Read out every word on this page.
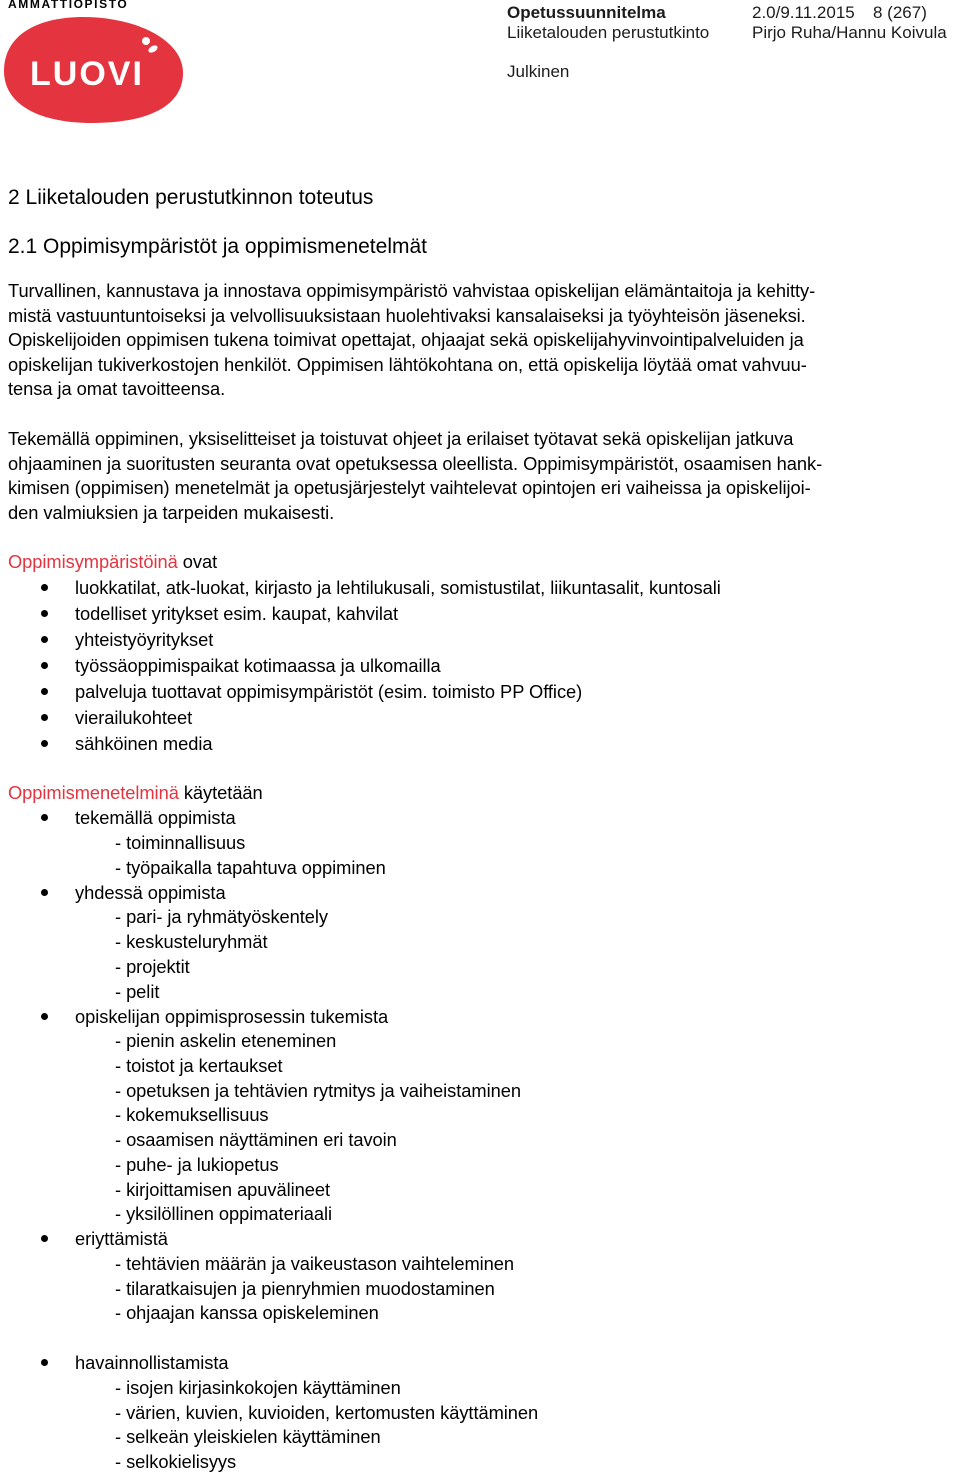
AMMATTIOPISTO
LUOVI
Opetussuunnitelma	2.0/9.11.2015 8 (267)
Liiketalouden perustutkinto	Pirjo Ruha/Hannu Koivula
Julkinen
2 Liiketalouden perustutkinnon toteutus
2.1 Oppimisympäristöt ja oppimismenetelmät
Turvallinen, kannustava ja innostava oppimisympäristö vahvistaa opiskelijan elämäntaitoja ja kehitty-
mistä vastuuntuntoiseksi ja velvollisuuksistaan huolehtivaksi kansalaiseksi ja työyhteisön jäseneksi.
Opiskelijoiden oppimisen tukena toimivat opettajat, ohjaajat sekä opiskelijahyvinvointipalveluiden ja
opiskelijan tukiverkostojen henkilöt. Oppimisen lähtökohtana on, että opiskelija löytää omat vahvuu-
tensa ja omat tavoitteensa.
Tekemällä oppiminen, yksiselitteiset ja toistuvat ohjeet ja erilaiset työtavat sekä opiskelijan jatkuva
ohjaaminen ja suoritusten seuranta ovat opetuksessa oleellista. Oppimisympäristöt, osaamisen hank-
kimisen (oppimisen) menetelmät ja opetusjärjestelyt vaihtelevat opintojen eri vaiheissa ja opiskelijoi-
den valmiuksien ja tarpeiden mukaisesti.
Oppimisympäristöinä ovat
luokkatilat, atk-luokat, kirjasto ja lehtilukusali, somistustilat, liikuntasalit, kuntosali
todelliset yritykset esim. kaupat, kahvilat
yhteistyöyritykset
työssäoppimispaikat kotimaassa ja ulkomailla
palveluja tuottavat oppimisympäristöt (esim. toimisto PP Office)
vierailukohteet
sähköinen media
Oppimismenetelminä käytetään
tekemällä oppimista
- toiminnallisuus
- työpaikalla tapahtuva oppiminen
yhdessä oppimista
- pari- ja ryhmätyöskentely
- keskusteluryhmät
- projektit
- pelit
opiskelijan oppimisprosessin tukemista
- pienin askelin eteneminen
- toistot ja kertaukset
- opetuksen ja tehtävien rytmitys ja vaiheistaminen
- kokemuksellisuus
- osaamisen näyttäminen eri tavoin
- puhe- ja lukiopetus
- kirjoittamisen apuvälineet
- yksilöllinen oppimateriaali
eriyttämistä
- tehtävien määrän ja vaikeustason vaihteleminen
- tilaratkaisujen ja pienryhmien muodostaminen
- ohjaajan kanssa opiskeleminen
havainnollistamista
- isojen kirjasinkokojen käyttäminen
- värien, kuvien, kuvioiden, kertomusten käyttäminen
- selkeän yleiskielen käyttäminen
- selkokielisyys
